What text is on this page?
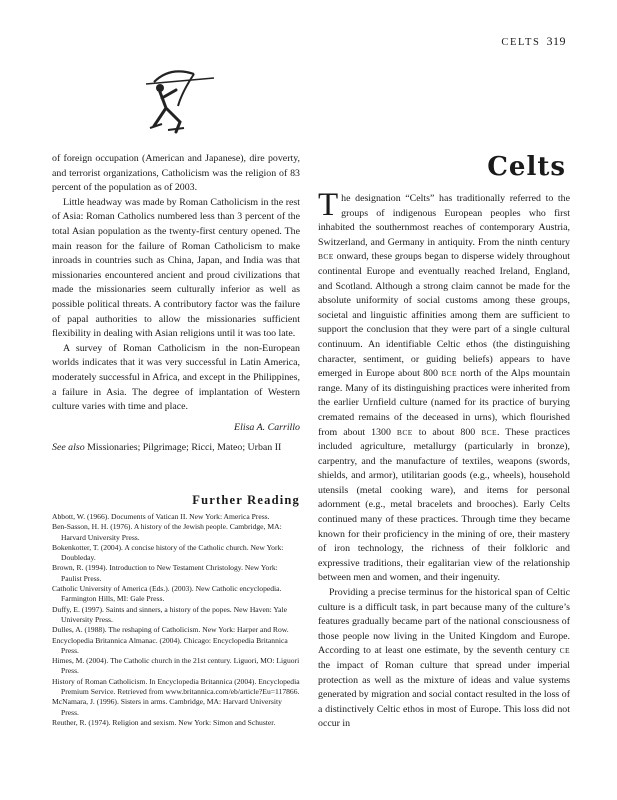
CELTS 319

of foreign occupation (American and Japanese), dire poverty, and terrorist organizations, Catholicism was the religion of 83 percent of the population as of 2003.

Little headway was made by Roman Catholicism in the rest of Asia: Roman Catholics numbered less than 3 percent of the total Asian population as the twenty-first century opened. The main reason for the failure of Roman Catholicism to make inroads in countries such as China, Japan, and India was that missionaries encountered ancient and proud civilizations that made the missionaries seem culturally inferior as well as possible political threats. A contributory factor was the failure of papal authorities to allow the missionaries sufficient flexibility in dealing with Asian religions until it was too late.

A survey of Roman Catholicism in the non-European worlds indicates that it was very successful in Latin America, moderately successful in Africa, and except in the Philippines, a failure in Asia. The degree of implantation of Western culture varies with time and place.

Elisa A. Carrillo

See also Missionaries; Pilgrimage; Ricci, Mateo; Urban II

Further Reading

Abbott, W. (1966). Documents of Vatican II. New York: America Press.

Ben-Sasson, H. H. (1976). A history of the Jewish people. Cambridge, MA: Harvard University Press.

Bokenkotter, T. (2004). A concise history of the Catholic church. New York: Doubleday.

Brown, R. (1994). Introduction to New Testament Christology. New York: Paulist Press.

Catholic University of America (Eds.). (2003). New Catholic encyclopedia. Farmington Hills, MI: Gale Press.

Duffy, E. (1997). Saints and sinners, a history of the popes. New Haven: Yale University Press.

Dulles, A. (1988). The reshaping of Catholicism. New York: Harper and Row.

Encyclopedia Britannica Almanac. (2004). Chicago: Encyclopedia Britannica Press.

Himes, M. (2004). The Catholic church in the 21st century. Liguori, MO: Liguori Press.

History of Roman Catholicism. In Encyclopedia Britannica (2004). Encyclopedia Premium Service. Retrieved from www.britannica.com/eb/article?Eu=117866.

McNamara, J. (1996). Sisters in arms. Cambridge, MA: Harvard University Press.

Reuther, R. (1974). Religion and sexism. New York: Simon and Schuster.

Celts

The designation “Celts” has traditionally referred to the groups of indigenous European peoples who first inhabited the southernmost reaches of contemporary Austria, Switzerland, and Germany in antiquity. From the ninth century BCE onward, these groups began to disperse widely throughout continental Europe and eventually reached Ireland, England, and Scotland. Although a strong claim cannot be made for the absolute uniformity of social customs among these groups, societal and linguistic affinities among them are sufficient to support the conclusion that they were part of a single cultural continuum. An identifiable Celtic ethos (the distinguishing character, sentiment, or guiding beliefs) appears to have emerged in Europe about 800 BCE north of the Alps mountain range. Many of its distinguishing practices were inherited from the earlier Urnfield culture (named for its practice of burying cremated remains of the deceased in urns), which flourished from about 1300 BCE to about 800 BCE. These practices included agriculture, metallurgy (particularly in bronze), carpentry, and the manufacture of textiles, weapons (swords, shields, and armor), utilitarian goods (e.g., wheels), household utensils (metal cooking ware), and items for personal adornment (e.g., metal bracelets and brooches). Early Celts continued many of these practices. Through time they became known for their proficiency in the mining of ore, their mastery of iron technology, the richness of their folkloric and expressive traditions, their egalitarian view of the relationship between men and women, and their ingenuity.

Providing a precise terminus for the historical span of Celtic culture is a difficult task, in part because many of the culture’s features gradually became part of the national consciousness of those people now living in the United Kingdom and Europe. According to at least one estimate, by the seventh century CE the impact of Roman culture that spread under imperial protection as well as the mixture of ideas and value systems generated by migration and social contact resulted in the loss of a distinctively Celtic ethos in most of Europe. This loss did not occur in
